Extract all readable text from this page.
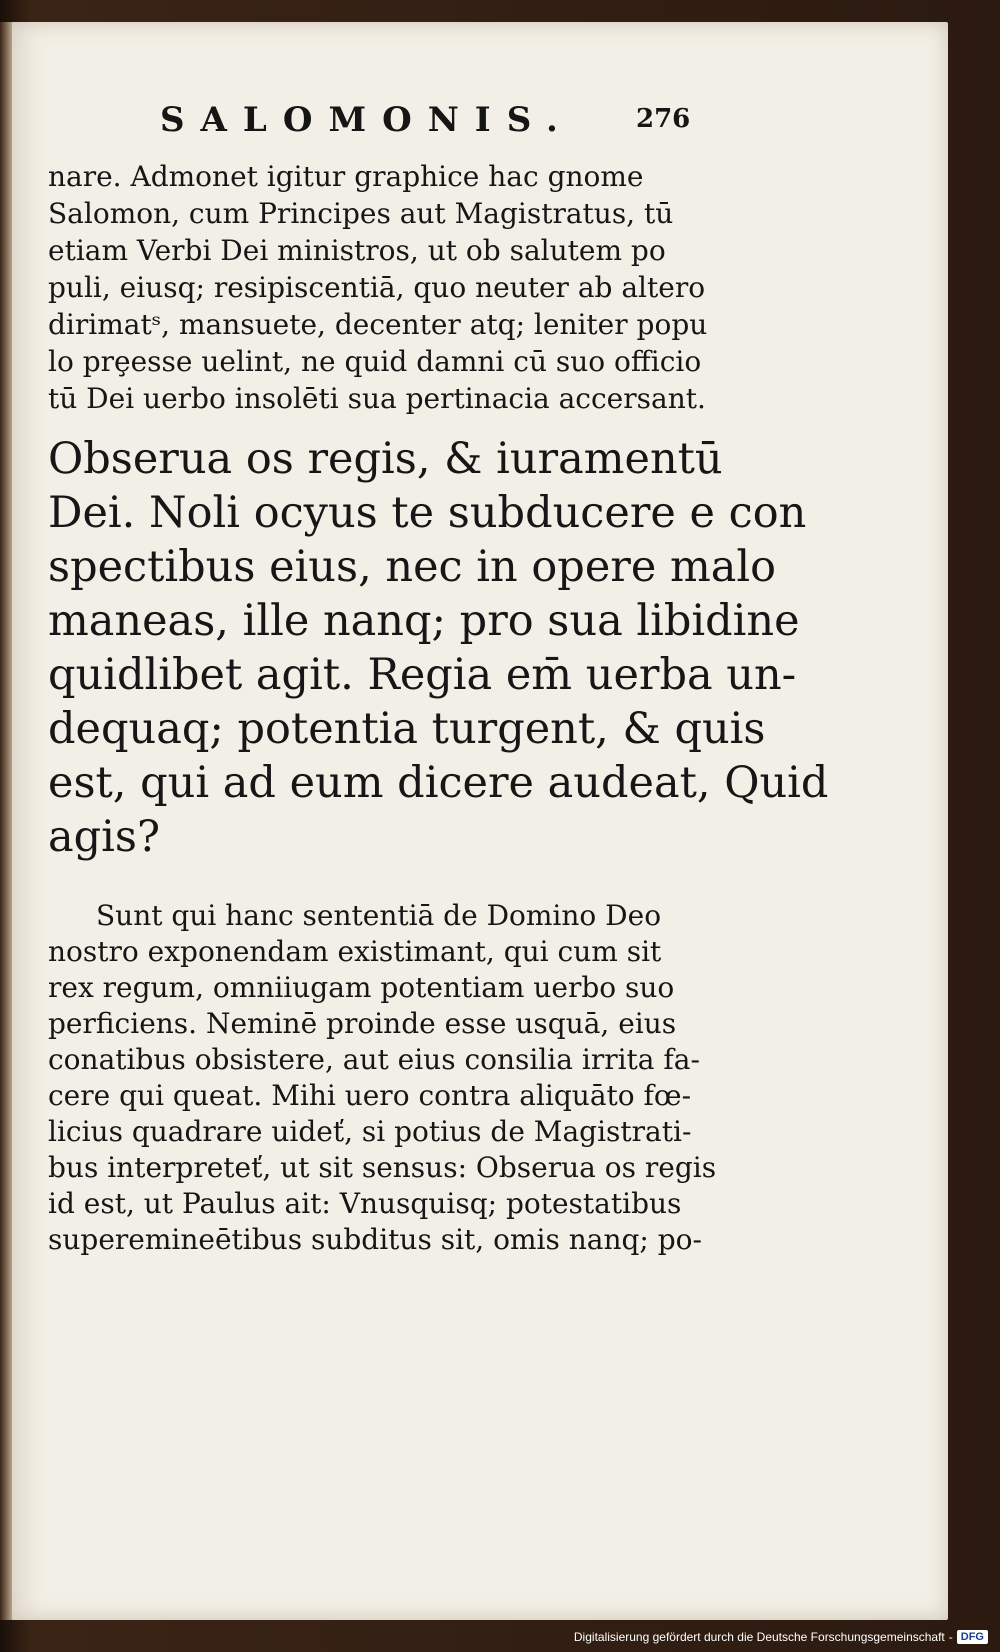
SALOMONIS. 276
nare. Admonet igitur graphice hac gnome
Salomon, cum Principes aut Magistratus, tū
etiam Verbi Dei ministros, ut ob salutem po
puli, eiusq; resipiscentiā, quo neuter ab altero
dirimatˢ, mansuete, decenter atq; leniter popu
lo prȩesse uelint, ne quid damni cū suo officio
tū Dei uerbo insolēti sua pertinacia accersant.
Obserua os regis, & iuramentū
Dei. Noli ocyus te subducere e con
spectibus eius, nec in opere malo
maneas, ille nanq; pro sua libidine
quidlibet agit. Regia em̄ uerba un-
dequaq; potentia turgent, & quis
est, qui ad eum dicere audeat, Quid
agis?
Sunt qui hanc sententiā de Domino Deo
nostro exponendam existimant, qui cum sit
rex regum, omniiugam potentiam uerbo suo
perficiens. Neminē proinde esse usquā, eius
conatibus obsistere, aut eius consilia irrita fa-
cere qui queat. Mihi uero contra aliquāto fœ-
licius quadrare uideť, si potius de Magistrati-
bus interpreteť, ut sit sensus: Obserua os regis
id est, ut Paulus ait: Vnusquisq; potestatibus
superemineētibus subditus sit, omis nanq; po-
Digitalisierung gefördert durch die Deutsche Forschungsgemeinschaft - DFG
